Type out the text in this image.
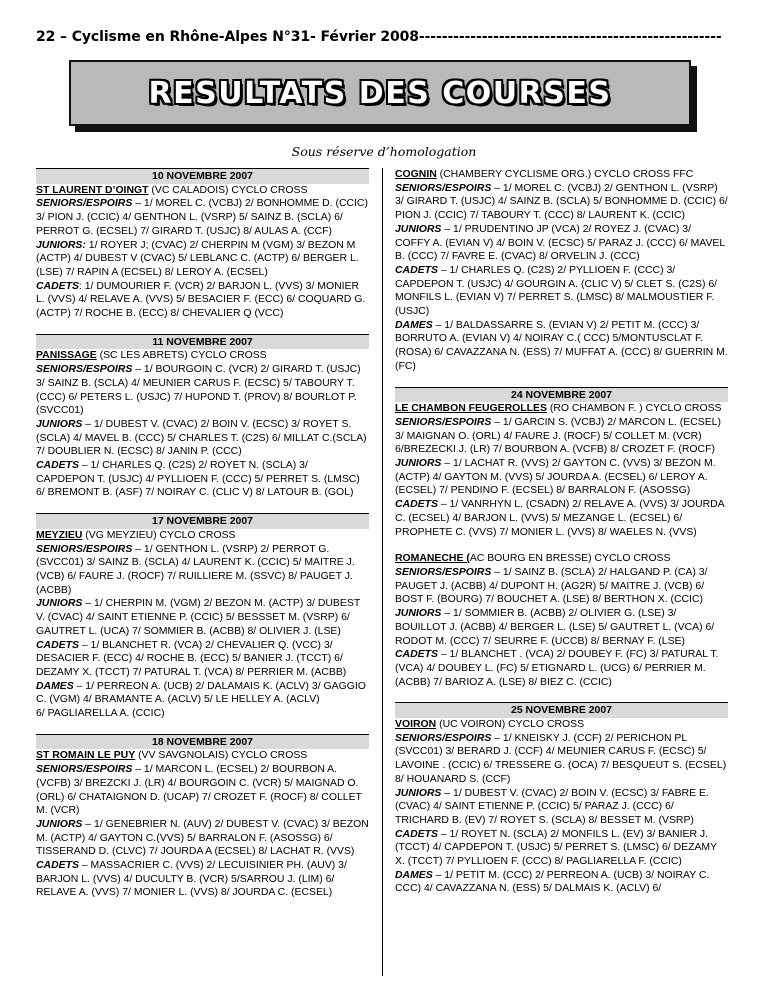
22 – Cyclisme en Rhône-Alpes N°31- Février 2008-----------------------------------------------------
RESULTATS DES COURSES
Sous réserve d’homologation
10 NOVEMBRE 2007
ST LAURENT D’OINGT (VC CALADOIS) CYCLO CROSS
SENIORS/ESPOIRS – 1/ MOREL C. (VCBJ) 2/ BONHOMME D. (CCIC) 3/ PION J. (CCIC) 4/ GENTHON L. (VSRP) 5/ SAINZ B. (SCLA) 6/ PERROT G. (ECSEL) 7/ GIRARD T. (USJC) 8/ AULAS A. (CCF)
JUNIORS: 1/ ROYER J; (CVAC) 2/ CHERPIN M (VGM) 3/ BEZON M (ACTP) 4/ DUBEST V (CVAC) 5/ LEBLANC C. (ACTP) 6/ BERGER L. (LSE) 7/ RAPIN A (ECSEL) 8/ LEROY A. (ECSEL)
CADETS: 1/ DUMOURIER F. (VCR) 2/ BARJON L. (VVS) 3/ MONIER L. (VVS) 4/ RELAVE A. (VVS) 5/ BESACIER F. (ECC) 6/ COQUARD G. (ACTP) 7/ ROCHE B. (ECC) 8/ CHEVALIER Q (VCC)
11 NOVEMBRE 2007
PANISSAGE (SC LES ABRETS) CYCLO CROSS
SENIORS/ESPOIRS – 1/ BOURGOIN C. (VCR) 2/ GIRARD T. (USJC) 3/ SAINZ B. (SCLA) 4/ MEUNIER CARUS F. (ECSC) 5/ TABOURY T. (CCC) 6/ PETERS L. (USJC) 7/ HUPOND T. (PROV) 8/ BOURLOT P. (SVCC01)
JUNIORS – 1/ DUBEST V. (CVAC) 2/ BOIN V. (ECSC) 3/ ROYET S. (SCLA) 4/ MAVEL B. (CCC) 5/ CHARLES T. (C2S) 6/ MILLAT C.(SCLA) 7/ DOUBLIER N. (ECSC) 8/ JANIN P. (CCC)
CADETS – 1/ CHARLES Q. (C2S) 2/ ROYET N. (SCLA) 3/ CAPDEPON T. (USJC) 4/ PYLLIOEN F. (CCC) 5/ PERRET S. (LMSC) 6/ BREMONT B. (ASF) 7/ NOIRAY C. (CLIC V) 8/ LATOUR B. (GOL)
17 NOVEMBRE 2007
MEYZIEU (VG MEYZIEU) CYCLO CROSS
SENIORS/ESPOIRS – 1/ GENTHON L. (VSRP) 2/ PERROT G. (SVCC01) 3/ SAINZ B. (SCLA) 4/ LAURENT K. (CCIC) 5/ MAITRE J. (VCB) 6/ FAURE J. (ROCF) 7/ RUILLIERE M. (SSVC) 8/ PAUGET J. (ACBB)
JUNIORS – 1/ CHERPIN M. (VGM) 2/ BEZON M. (ACTP) 3/ DUBEST V. (CVAC) 4/ SAINT ETIENNE P. (CCIC) 5/ BESSSET M. (VSRP) 6/ GAUTRET L. (UCA) 7/ SOMMIER B. (ACBB) 8/ OLIVIER J. (LSE)
CADETS – 1/ BLANCHET R. (VCA) 2/ CHEVALIER Q. (VCC) 3/ DESACIER F. (ECC) 4/ ROCHE B. (ECC) 5/ BANIER J. (TCCT) 6/ DEZAMY X. (TCCT) 7/ PATURAL T. (VCA) 8/ PERRIER M. (ACBB)
DAMES – 1/ PERREON A. (UCB) 2/ DALAMAIS K. (ACLV) 3/ GAGGIO C. (VGM) 4/ BRAMANTE A. (ACLV) 5/ LE HELLEY A. (ACLV)
6/ PAGLIARELLA A. (CCIC)
18 NOVEMBRE 2007
ST ROMAIN LE PUY (VV SAVGNOLAIS) CYCLO CROSS
SENIORS/ESPOIRS – 1/ MARCON L. (ECSEL) 2/ BOURBON A. (VCFB) 3/ BREZCKI J. (LR) 4/ BOURGOIN C. (VCR) 5/ MAIGNAD O. (ORL) 6/ CHATAIGNON D. (UCAP) 7/ CROZET F. (ROCF) 8/ COLLET M. (VCR)
JUNIORS – 1/ GENEBRIER N. (AUV) 2/ DUBEST V. (CVAC) 3/ BEZON M. (ACTP) 4/ GAYTON C.(VVS) 5/ BARRALON F. (ASOSSG) 6/ TISSERAND D. (CLVC) 7/ JOURDA A (ECSEL) 8/ LACHAT R. (VVS)
CADETS – MASSACRIER C. (VVS) 2/ LECUISINIER PH. (AUV) 3/ BARJON L. (VVS) 4/ DUCULTY B. (VCR) 5/SARROU J. (LIM) 6/ RELAVE A. (VVS) 7/ MONIER L. (VVS) 8/ JOURDA C. (ECSEL)
COGNIN (CHAMBERY CYCLISME ORG.) CYCLO CROSS FFC
SENIORS/ESPOIRS – 1/ MOREL C. (VCBJ) 2/ GENTHON L. (VSRP) 3/ GIRARD T. (USJC) 4/ SAINZ B. (SCLA) 5/ BONHOMME D. (CCIC) 6/ PION J. (CCIC) 7/ TABOURY T. (CCC) 8/ LAURENT K. (CCIC)
JUNIORS – 1/ PRUDENTINO JP (VCA) 2/ ROYEZ J. (CVAC) 3/ COFFY A. (EVIAN V) 4/ BOIN V. (ECSC) 5/ PARAZ J. (CCC) 6/ MAVEL B. (CCC) 7/ FAVRE E. (CVAC) 8/ ORVELIN J. (CCC)
CADETS – 1/ CHARLES Q. (C2S) 2/ PYLLIOEN F. (CCC) 3/ CAPDEPON T. (USJC) 4/ GOURGIN A. (CLIC V) 5/ CLET S. (C2S) 6/ MONFILS L. (EVIAN V) 7/ PERRET S. (LMSC) 8/ MALMOUSTIER F. (USJC)
DAMES – 1/ BALDASSARRE S. (EVIAN V) 2/ PETIT M. (CCC) 3/ BORRUTO A. (EVIAN V) 4/ NOIRAY C.( CCC) 5/MONTUSCLAT F. (ROSA) 6/ CAVAZZANA N. (ESS) 7/ MUFFAT A. (CCC) 8/ GUERRIN M. (FC)
24 NOVEMBRE 2007
LE CHAMBON FEUGEROLLES (RO CHAMBON F. ) CYCLO CROSS
SENIORS/ESPOIRS – 1/ GARCIN S. (VCBJ) 2/ MARCON L. (ECSEL) 3/ MAIGNAN O. (ORL) 4/ FAURE J. (ROCF) 5/ COLLET M. (VCR) 6/BREZECKI J. (LR) 7/ BOURBON A. (VCFB) 8/ CROZET F. (ROCF)
JUNIORS – 1/ LACHAT R. (VVS) 2/ GAYTON C. (VVS) 3/ BEZON M. (ACTP) 4/ GAYTON M. (VVS) 5/ JOURDA A. (ECSEL) 6/ LEROY A. (ECSEL) 7/ PENDINO F. (ECSEL) 8/ BARRALON F. (ASOSSG)
CADETS – 1/ VANRHYN L. (CSADN) 2/ RELAVE A. (VVS) 3/ JOURDA C. (ECSEL) 4/ BARJON L. (VVS) 5/ MEZANGE L. (ECSEL) 6/ PROPHETE C. (VVS) 7/ MONIER L. (VVS) 8/ WAELES N. (VVS)
ROMANECHE (AC BOURG EN BRESSE) CYCLO CROSS
SENIORS/ESPOIRS – 1/ SAINZ B. (SCLA) 2/ HALGAND P. (CA) 3/ PAUGET J. (ACBB) 4/ DUPONT H. (AG2R) 5/ MAITRE J. (VCB) 6/ BOST F. (BOURG) 7/ BOUCHET A. (LSE) 8/ BERTHON X. (CCIC)
JUNIORS – 1/ SOMMIER B. (ACBB) 2/ OLIVIER G. (LSE) 3/ BOUILLOT J. (ACBB) 4/ BERGER L. (LSE) 5/ GAUTRET L. (VCA) 6/ RODOT M. (CCC) 7/ SEURRE F. (UCCB) 8/ BERNAY F. (LSE)
CADETS – 1/ BLANCHET . (VCA) 2/ DOUBEY F. (FC) 3/ PATURAL T. (VCA) 4/ DOUBEY L. (FC) 5/ ETIGNARD L. (UCG) 6/ PERRIER M. (ACBB) 7/ BARIOZ A. (LSE) 8/ BIEZ C. (CCIC)
25 NOVEMBRE 2007
VOIRON (UC VOIRON) CYCLO CROSS
SENIORS/ESPOIRS – 1/ KNEISKY J. (CCF) 2/ PERICHON PL (SVCC01) 3/ BERARD J. (CCF) 4/ MEUNIER CARUS F. (ECSC) 5/ LAVOINE . (CCIC) 6/ TRESSERE G. (OCA) 7/ BESQUEUT S. (ECSEL) 8/ HOUANARD S. (CCF)
JUNIORS – 1/ DUBEST V. (CVAC) 2/ BOIN V. (ECSC) 3/ FABRE E. (CVAC) 4/ SAINT ETIENNE P. (CCIC) 5/ PARAZ J. (CCC) 6/ TRICHARD B. (EV) 7/ ROYET S. (SCLA) 8/ BESSET M. (VSRP)
CADETS – 1/ ROYET N. (SCLA) 2/ MONFILS L. (EV) 3/ BANIER J. (TCCT) 4/ CAPDEPON T. (USJC) 5/ PERRET S. (LMSC) 6/ DEZAMY X. (TCCT) 7/ PYLLIOEN F. (CCC) 8/ PAGLIARELLA F. (CCIC)
DAMES – 1/ PETIT M. (CCC) 2/ PERREON A. (UCB) 3/ NOIRAY C. CCC) 4/ CAVAZZANA N. (ESS) 5/ DALMAIS K. (ACLV) 6/
